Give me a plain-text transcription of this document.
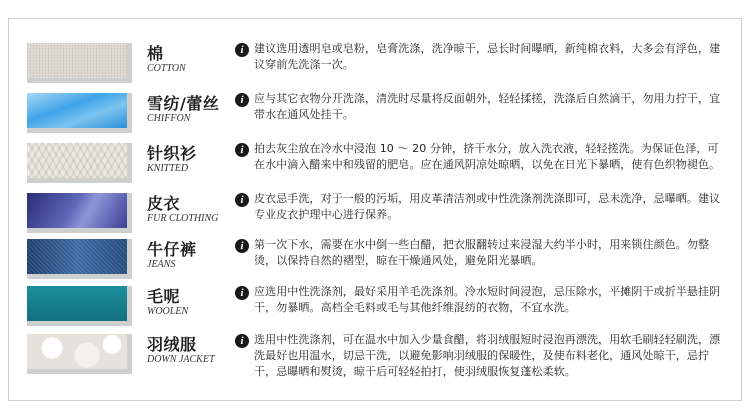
棉
COTTON
i 建议选用透明皂或皂粉，皂膏洗涤，洗净晾干，忌长时间曝晒，新纯棉衣料，大多会有浮色，建议穿前先洗涤一次。
雪纺/蕾丝
CHIFFON
i 应与其它衣物分开洗涤，清洗时尽量将反面朝外，轻轻揉搓，洗涤后自然滴干，勿用力拧干，宜带水在通风处挂干。
针织衫
KNITTED
i 拍去灰尘放在冷水中浸泡 10 ～ 20 分钟，挤干水分，放入洗衣液，轻轻搓洗。为保证色泽，可在水中滴入醋来中和残留的肥皂。应在通风阴凉处晾晒，以免在日光下暴晒，使有色织物褪色。
皮衣
FUR CLOTHING
i 皮衣忌手洗，对于一般的污垢，用皮革清洁剂或中性洗涤剂洗涤即可，忌未洗净，忌曝晒。建议专业皮衣护理中心进行保养。
牛仔裤
JEANS
i 第一次下水，需要在水中倒一些白醋，把衣服翻转过来浸湿大约半小时，用来锁住颜色。勿整烫，以保持自然的褶型，晾在干燥通风处，避免阳光暴晒。
毛呢
WOOLEN
i 应选用中性洗涤剂，最好采用羊毛洗涤剂。冷水短时间浸泡，忌压除水，平摊阴干或折半悬挂阴干，勿暴晒。高档全毛料或毛与其他纤维混纺的衣物，不宜水洗。
羽绒服
DOWN JACKET
i 选用中性洗涤剂，可在温水中加入少量食醋，将羽绒服短时浸泡再漂洗，用软毛刷轻轻刷洗，漂洗最好也用温水，切忌干洗，以避免影响羽绒服的保暖性，及使布料老化，通风处晾干，忌拧干，忌曝晒和熨烫，晾干后可轻轻拍打，使羽绒服恢复蓬松柔软。
